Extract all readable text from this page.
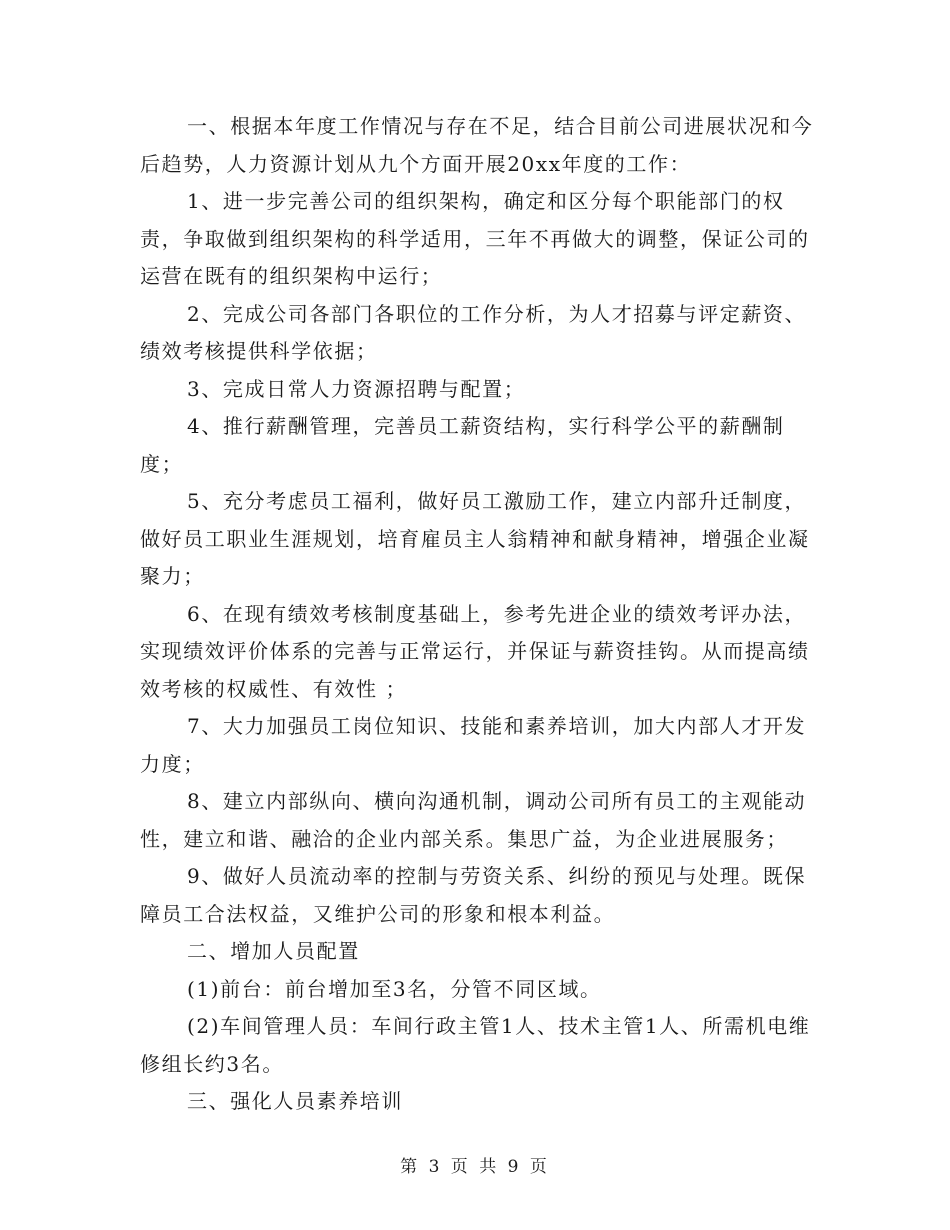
一、根据本年度工作情况与存在不足，结合目前公司进展状况和今后趋势，人力资源计划从九个方面开展20xx年度的工作：

1、进一步完善公司的组织架构，确定和区分每个职能部门的权责，争取做到组织架构的科学适用，三年不再做大的调整，保证公司的运营在既有的组织架构中运行；

2、完成公司各部门各职位的工作分析，为人才招募与评定薪资、绩效考核提供科学依据；

3、完成日常人力资源招聘与配置；

4、推行薪酬管理，完善员工薪资结构，实行科学公平的薪酬制度；

5、充分考虑员工福利，做好员工激励工作，建立内部升迁制度，做好员工职业生涯规划，培育雇员主人翁精神和献身精神，增强企业凝聚力；

6、在现有绩效考核制度基础上，参考先进企业的绩效考评办法，实现绩效评价体系的完善与正常运行，并保证与薪资挂钩。从而提高绩效考核的权威性、有效性 ；

7、大力加强员工岗位知识、技能和素养培训，加大内部人才开发力度；

8、建立内部纵向、横向沟通机制，调动公司所有员工的主观能动性，建立和谐、融洽的企业内部关系。集思广益，为企业进展服务；

9、做好人员流动率的控制与劳资关系、纠纷的预见与处理。既保障员工合法权益，又维护公司的形象和根本利益。

二、增加人员配置

(1)前台：前台增加至3名，分管不同区域。

(2)车间管理人员：车间行政主管1人、技术主管1人、所需机电维修组长约3名。

三、强化人员素养培训

第 3 页 共 9 页
